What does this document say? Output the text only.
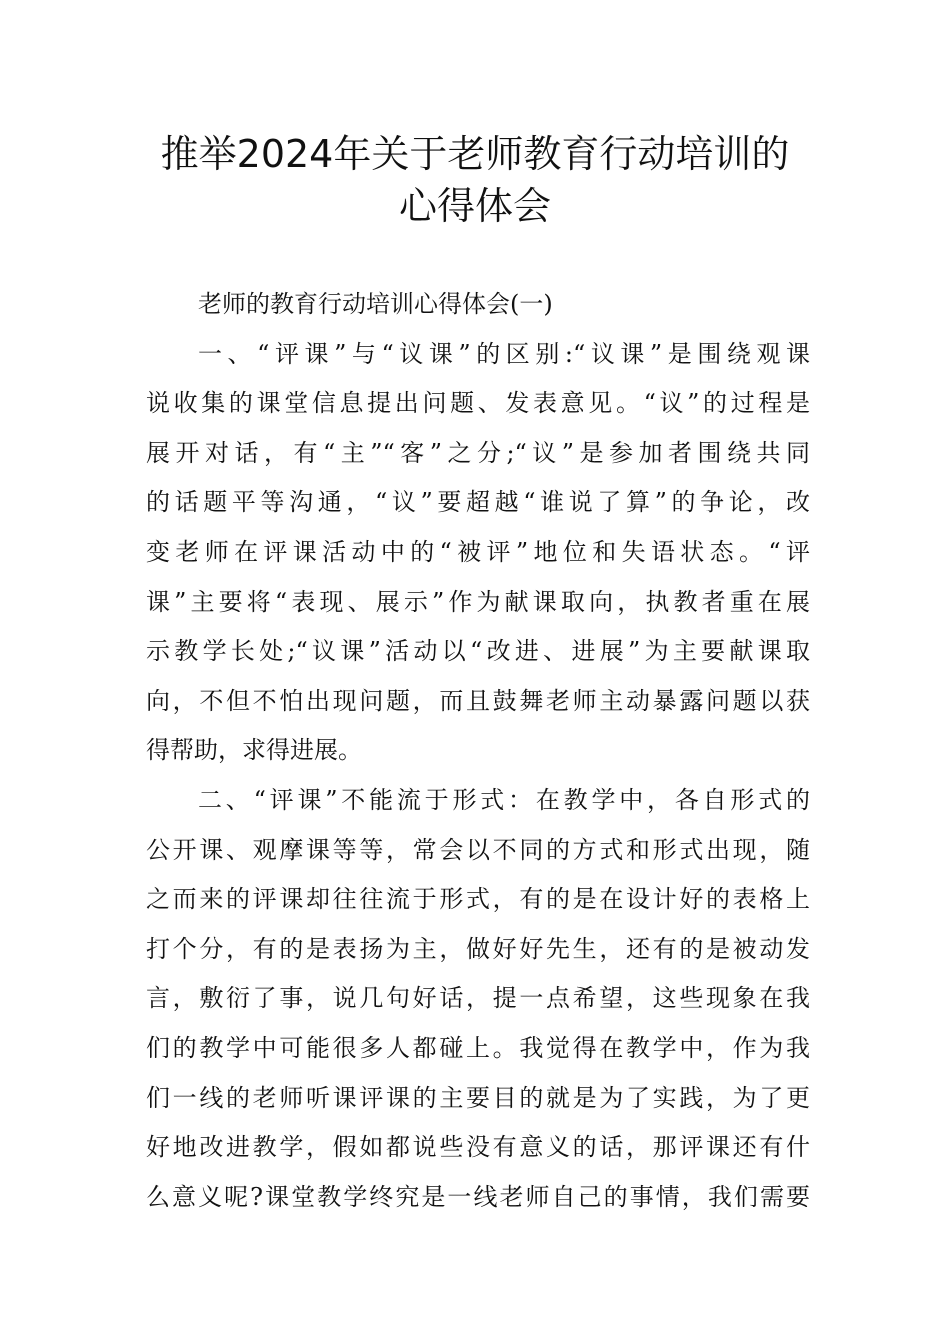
推举2024年关于老师教育行动培训的
心得体会
老师的教育行动培训心得体会(一)
一、“评课”与“议课”的区别:“议课”是围绕观课
说收集的课堂信息提出问题、发表意见。“议”的过程是
展开对话，有“主”“客”之分;“议”是参加者围绕共同
的话题平等沟通，“议”要超越“谁说了算”的争论，改
变老师在评课活动中的“被评”地位和失语状态。“评
课”主要将“表现、展示”作为献课取向，执教者重在展
示教学长处;“议课”活动以“改进、进展”为主要献课取
向，不但不怕出现问题，而且鼓舞老师主动暴露问题以获
得帮助，求得进展。
二、“评课”不能流于形式：在教学中，各自形式的
公开课、观摩课等等，常会以不同的方式和形式出现，随
之而来的评课却往往流于形式，有的是在设计好的表格上
打个分，有的是表扬为主，做好好先生，还有的是被动发
言，敷衍了事，说几句好话，提一点希望，这些现象在我
们的教学中可能很多人都碰上。我觉得在教学中，作为我
们一线的老师听课评课的主要目的就是为了实践，为了更
好地改进教学，假如都说些没有意义的话，那评课还有什
么意义呢?课堂教学终究是一线老师自己的事情，我们需要
